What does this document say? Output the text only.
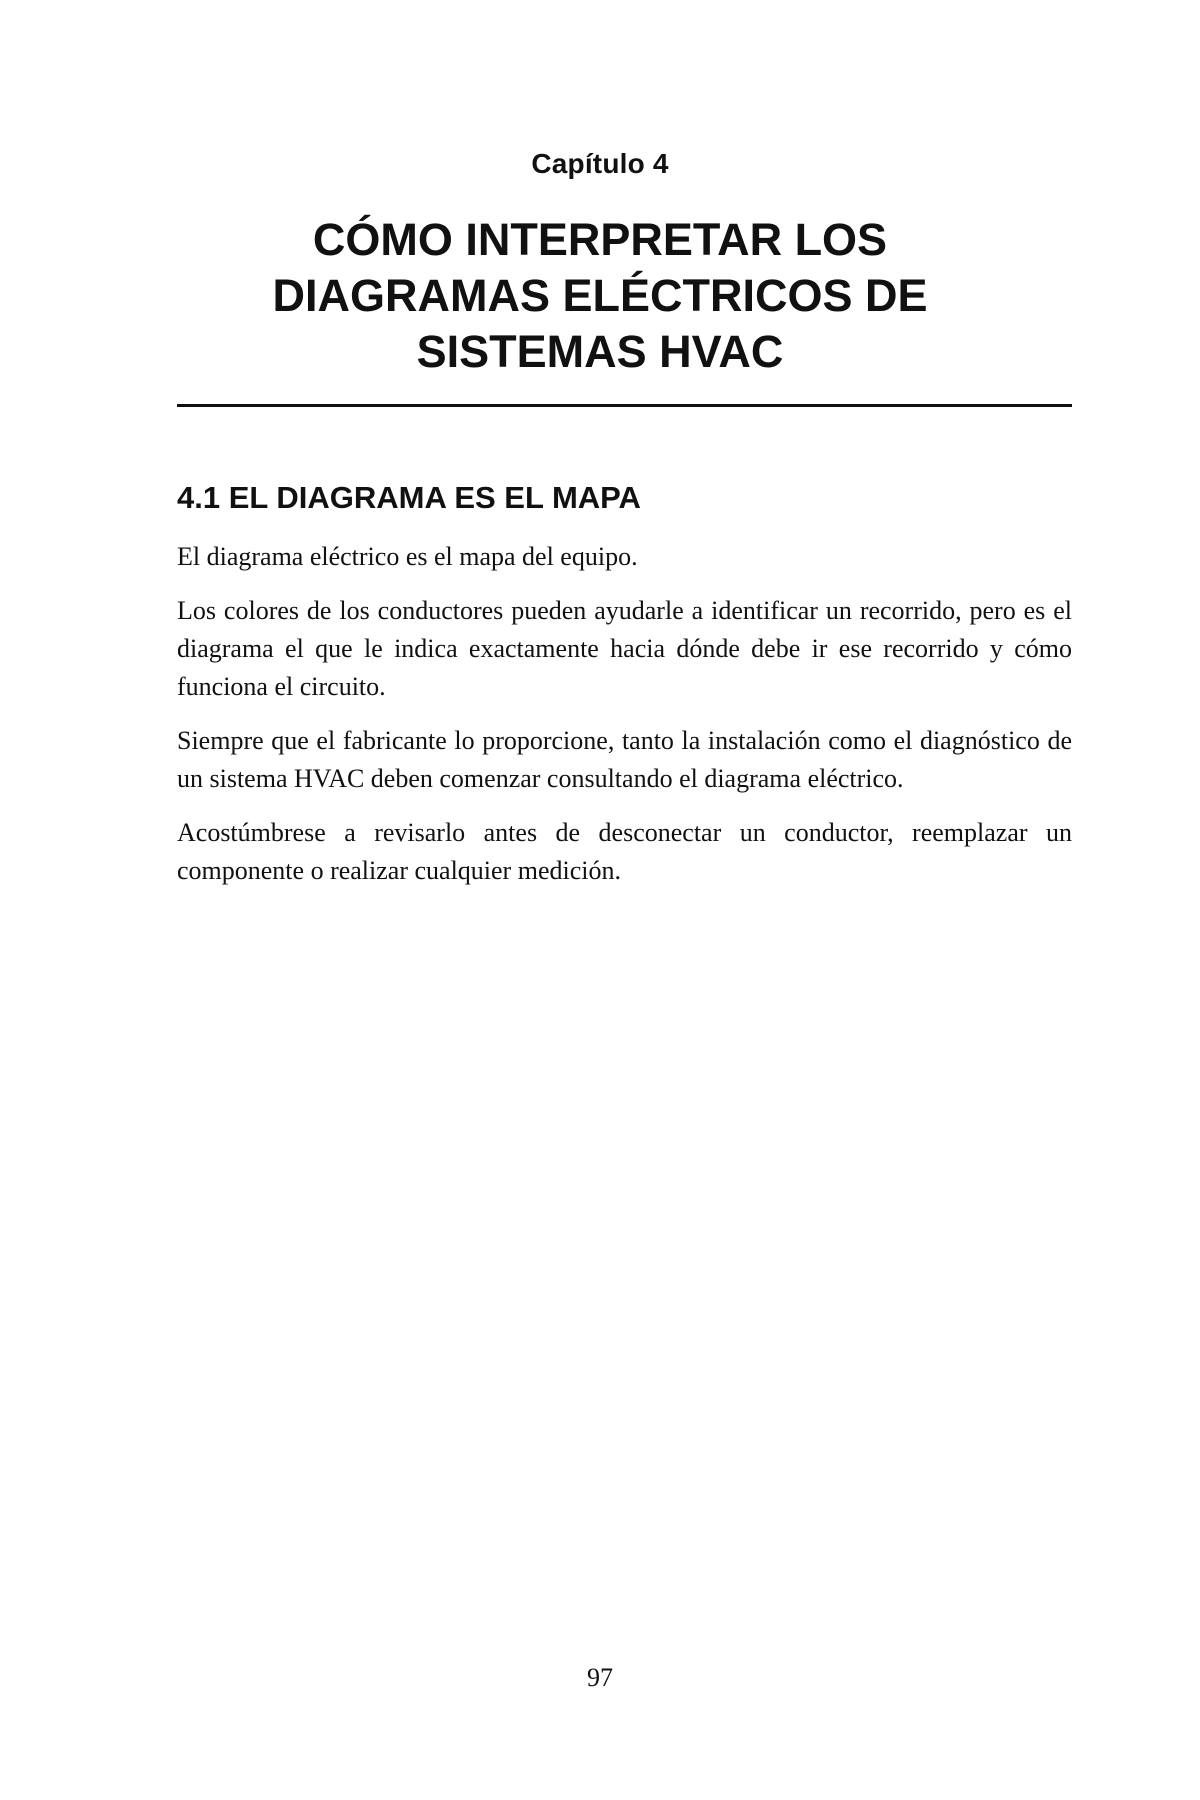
Capítulo 4
CÓMO INTERPRETAR LOS DIAGRAMAS ELÉCTRICOS DE SISTEMAS HVAC
4.1 EL DIAGRAMA ES EL MAPA

El diagrama eléctrico es el mapa del equipo.

Los colores de los conductores pueden ayudarle a identificar un recorrido, pero es el diagrama el que le indica exactamente hacia dónde debe ir ese recorrido y cómo funciona el circuito.

Siempre que el fabricante lo proporcione, tanto la instalación como el diagnóstico de un sistema HVAC deben comenzar consultando el diagrama eléctrico.

Acostúmbrese a revisarlo antes de desconectar un conductor, reemplazar un componente o realizar cualquier medición.

97
